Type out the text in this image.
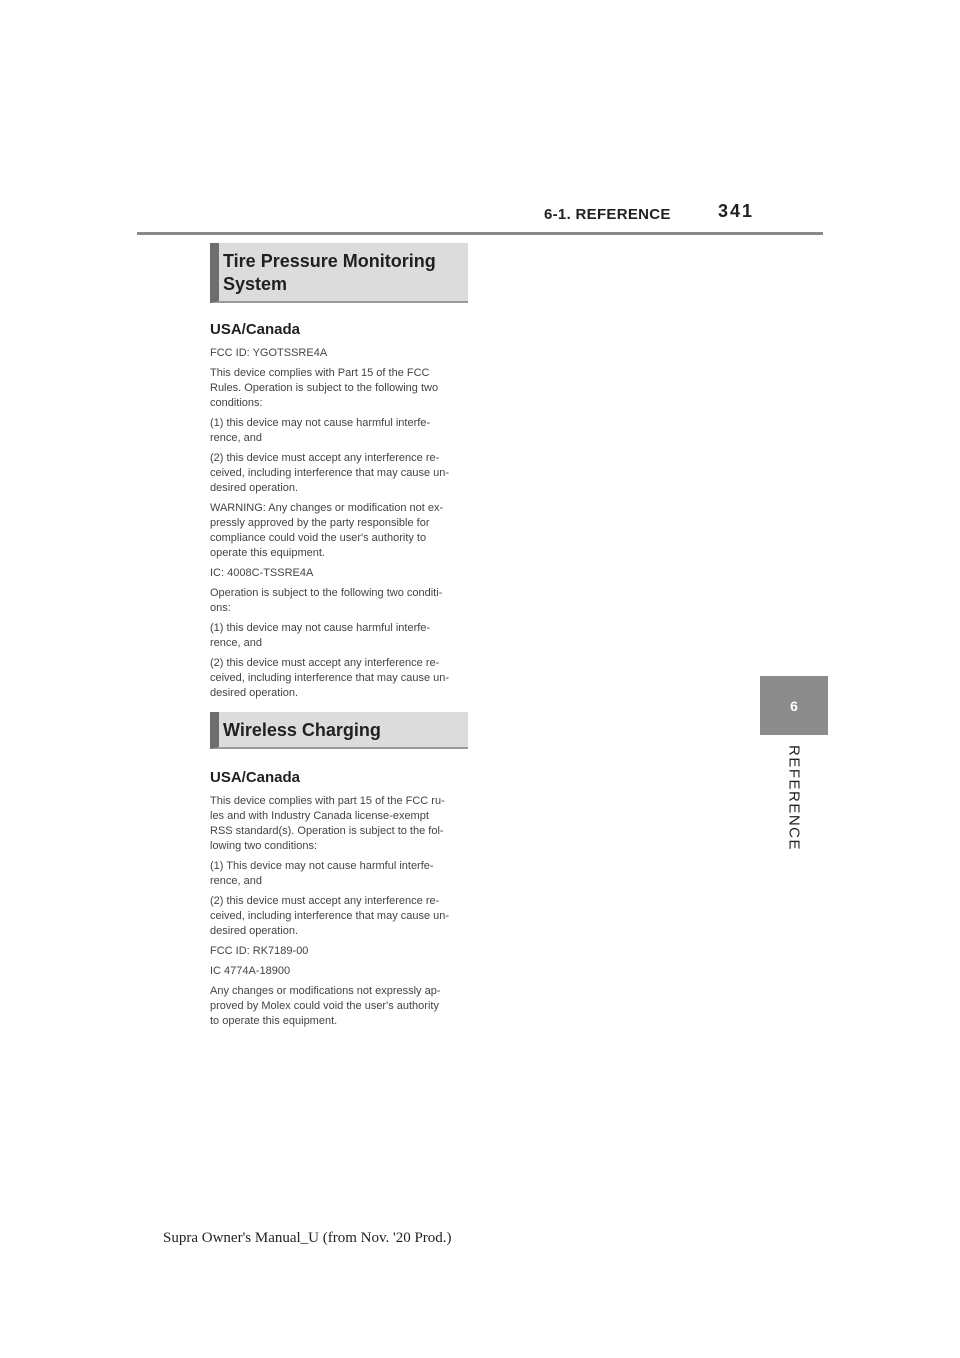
6-1. REFERENCE	341
6
REFERENCE
Tire Pressure Monitoring
System
USA/Canada

FCC ID: YGOTSSRE4A

This device complies with Part 15 of the FCC
Rules. Operation is subject to the following two
conditions:

(1) this device may not cause harmful interfe-
rence, and

(2) this device must accept any interference re-
ceived, including interference that may cause un-
desired operation.

WARNING: Any changes or modification not ex-
pressly approved by the party responsible for
compliance could void the user's authority to
operate this equipment.

IC: 4008C-TSSRE4A

Operation is subject to the following two conditi-
ons:

(1) this device may not cause harmful interfe-
rence, and

(2) this device must accept any interference re-
ceived, including interference that may cause un-
desired operation.

Wireless Charging
USA/Canada

This device complies with part 15 of the FCC ru-
les and with Industry Canada license-exempt
RSS standard(s). Operation is subject to the fol-
lowing two conditions:

(1) This device may not cause harmful interfe-
rence, and

(2) this device must accept any interference re-
ceived, including interference that may cause un-
desired operation.

FCC ID: RK7189-00

IC 4774A-18900

Any changes or modifications not expressly ap-
proved by Molex could void the user's authority
to operate this equipment.

Supra Owner's Manual_U (from Nov. '20 Prod.)
